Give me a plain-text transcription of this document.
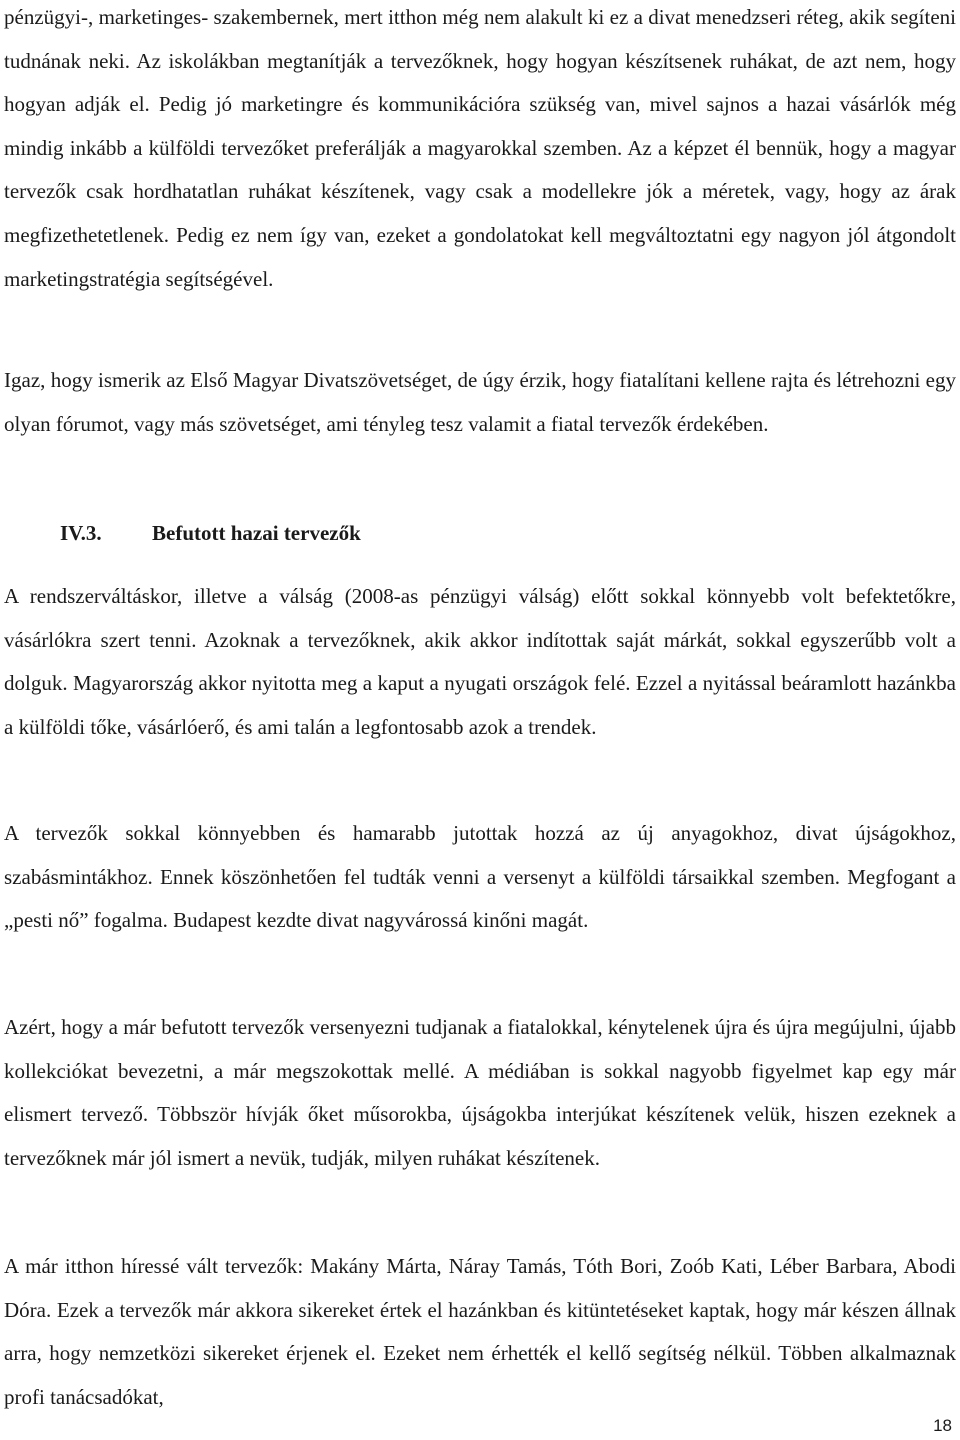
pénzügyi-, marketinges- szakembernek, mert itthon még nem alakult ki ez a divat menedzseri réteg, akik segíteni tudnának neki. Az iskolákban megtanítják a tervezőknek, hogy hogyan készítsenek ruhákat, de azt nem, hogy hogyan adják el. Pedig jó marketingre és kommunikációra szükség van, mivel sajnos a hazai vásárlók még mindig inkább a külföldi tervezőket preferálják a magyarokkal szemben. Az a képzet él bennük, hogy a magyar tervezők csak hordhatatlan ruhákat készítenek, vagy csak a modellekre jók a méretek, vagy, hogy az árak megfizethetetlenek. Pedig ez nem így van, ezeket a gondolatokat kell megváltoztatni egy nagyon jól átgondolt marketingstratégia segítségével.

Igaz, hogy ismerik az Első Magyar Divatszövetséget, de úgy érzik, hogy fiatalítani kellene rajta és létrehozni egy olyan fórumot, vagy más szövetséget, ami tényleg tesz valamit a fiatal tervezők érdekében.

IV.3. Befutott hazai tervezők

A rendszerváltáskor, illetve a válság (2008-as pénzügyi válság) előtt sokkal könnyebb volt befektetőkre, vásárlókra szert tenni. Azoknak a tervezőknek, akik akkor indítottak saját márkát, sokkal egyszerűbb volt a dolguk. Magyarország akkor nyitotta meg a kaput a nyugati országok felé. Ezzel a nyitással beáramlott hazánkba a külföldi tőke, vásárlóerő, és ami talán a legfontosabb azok a trendek.

A tervezők sokkal könnyebben és hamarabb jutottak hozzá az új anyagokhoz, divat újságokhoz, szabásmintákhoz. Ennek köszönhetően fel tudták venni a versenyt a külföldi társaikkal szemben. Megfogant a „pesti nő” fogalma. Budapest kezdte divat nagyvárossá kinőni magát.

Azért, hogy a már befutott tervezők versenyezni tudjanak a fiatalokkal, kénytelenek újra és újra megújulni, újabb kollekciókat bevezetni, a már megszokottak mellé. A médiában is sokkal nagyobb figyelmet kap egy már elismert tervező. Többször hívják őket műsorokba, újságokba interjúkat készítenek velük, hiszen ezeknek a tervezőknek már jól ismert a nevük, tudják, milyen ruhákat készítenek.

A már itthon híressé vált tervezők: Makány Márta, Náray Tamás, Tóth Bori, Zoób Kati, Léber Barbara, Abodi Dóra. Ezek a tervezők már akkora sikereket értek el hazánkban és kitüntetéseket kaptak, hogy már készen állnak arra, hogy nemzetközi sikereket érjenek el. Ezeket nem érhették el kellő segítség nélkül. Többen alkalmaznak profi tanácsadókat,

18
